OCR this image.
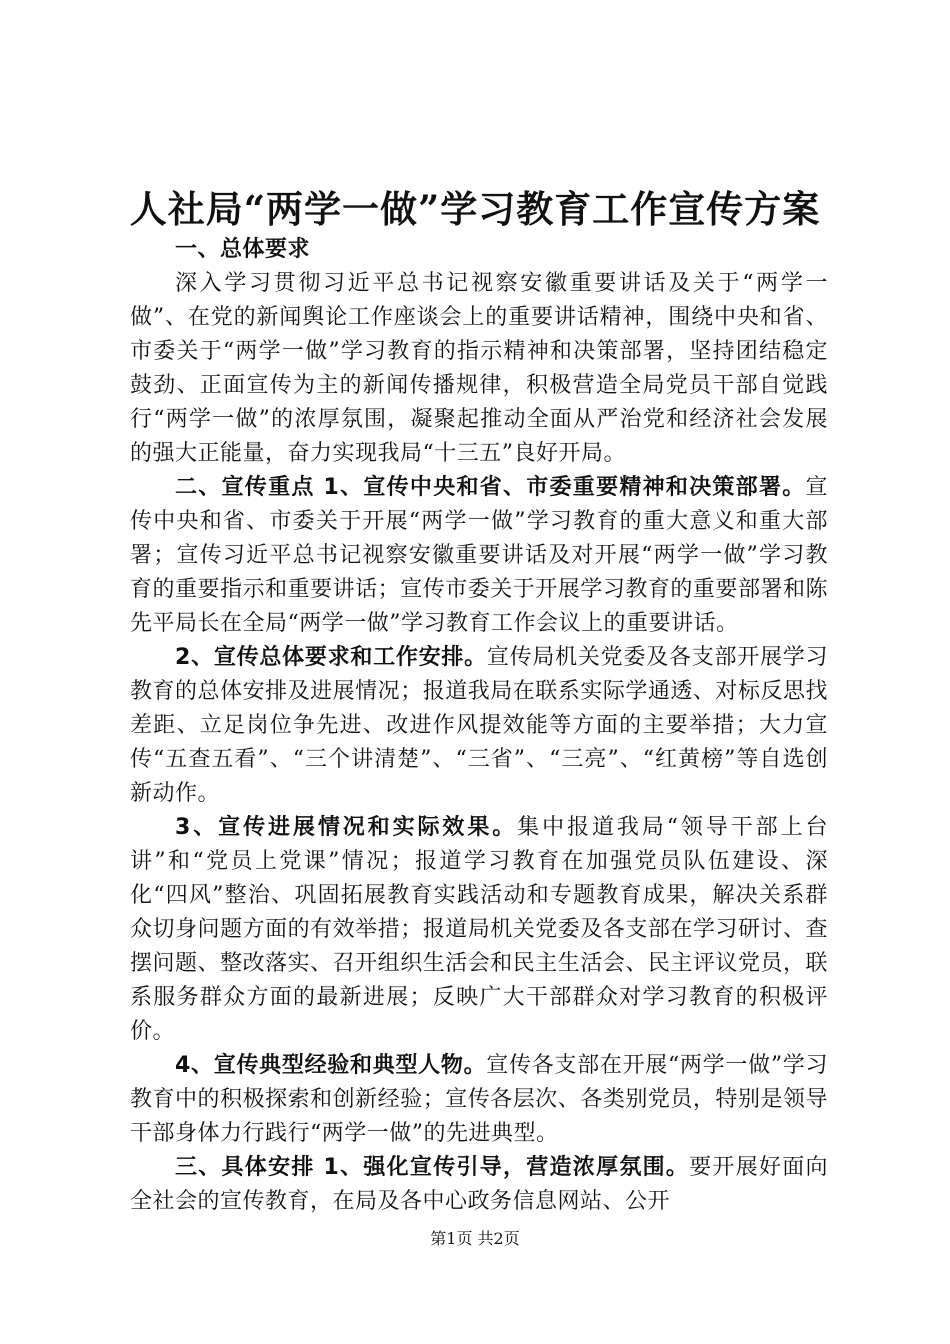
人社局“两学一做”学习教育工作宣传方案

一、总体要求

深入学习贯彻习近平总书记视察安徽重要讲话及关于“两学一做”、在党的新闻舆论工作座谈会上的重要讲话精神，围绕中央和省、市委关于“两学一做”学习教育的指示精神和决策部署，坚持团结稳定鼓劲、正面宣传为主的新闻传播规律，积极营造全局党员干部自觉践行“两学一做”的浓厚氛围，凝聚起推动全面从严治党和经济社会发展的强大正能量，奋力实现我局“十三五”良好开局。

二、宣传重点 1、宣传中央和省、市委重要精神和决策部署。宣传中央和省、市委关于开展“两学一做”学习教育的重大意义和重大部署；宣传习近平总书记视察安徽重要讲话及对开展“两学一做”学习教育的重要指示和重要讲话；宣传市委关于开展学习教育的重要部署和陈先平局长在全局“两学一做”学习教育工作会议上的重要讲话。

2、宣传总体要求和工作安排。宣传局机关党委及各支部开展学习教育的总体安排及进展情况；报道我局在联系实际学通透、对标反思找差距、立足岗位争先进、改进作风提效能等方面的主要举措；大力宣传“五查五看”、“三个讲清楚”、“三省”、“三亮”、“红黄榜”等自选创新动作。

3、宣传进展情况和实际效果。集中报道我局“领导干部上台讲”和“党员上党课”情况；报道学习教育在加强党员队伍建设、深化“四风”整治、巩固拓展教育实践活动和专题教育成果，解决关系群众切身问题方面的有效举措；报道局机关党委及各支部在学习研讨、查摆问题、整改落实、召开组织生活会和民主生活会、民主评议党员，联系服务群众方面的最新进展；反映广大干部群众对学习教育的积极评价。

4、宣传典型经验和典型人物。宣传各支部在开展“两学一做”学习教育中的积极探索和创新经验；宣传各层次、各类别党员，特别是领导干部身体力行践行“两学一做”的先进典型。

三、具体安排 1、强化宣传引导，营造浓厚氛围。要开展好面向全社会的宣传教育，在局及各中心政务信息网站、公开

第1页 共2页
